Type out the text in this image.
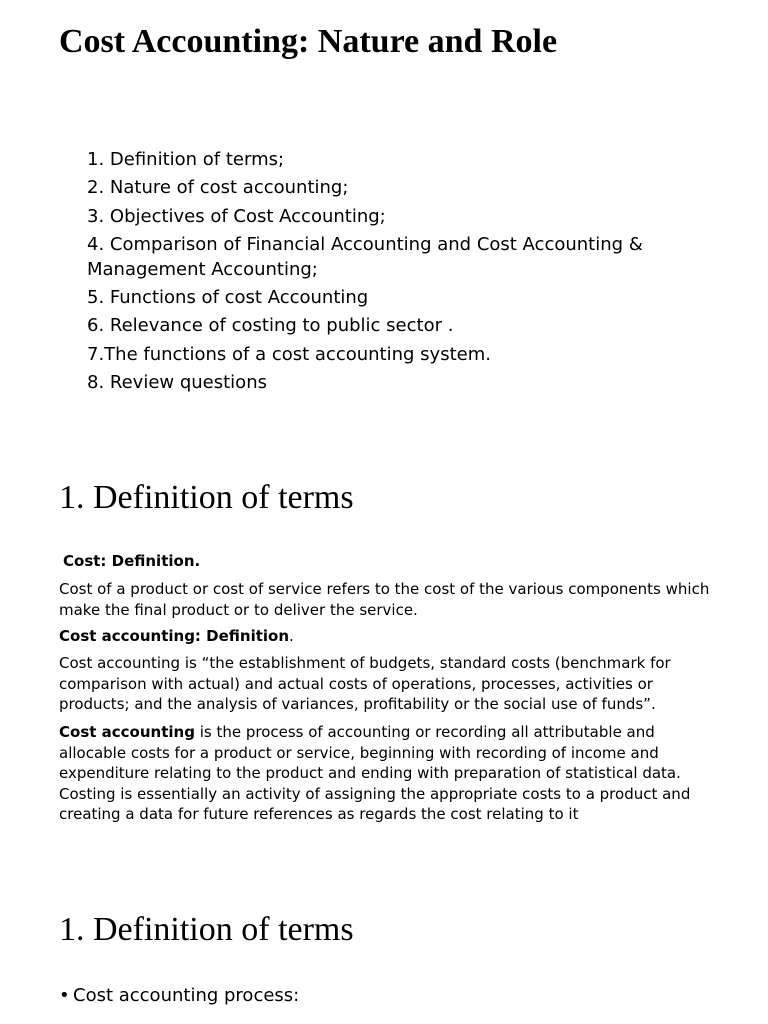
Cost Accounting: Nature and Role
1. Definition of terms;
2. Nature of cost accounting;
3. Objectives of Cost Accounting;
4. Comparison of Financial Accounting and Cost Accounting & Management Accounting;
5. Functions of cost Accounting
6. Relevance of costing to public sector .
7.The functions of a cost accounting system.
8. Review questions
1. Definition of terms

Cost: Definition.

Cost of a product or cost of service refers to the cost of the various components which make the final product or to deliver the service.

Cost accounting: Definition.

Cost accounting is “the establishment of budgets, standard costs (benchmark for comparison with actual) and actual costs of operations, processes, activities or products; and the analysis of variances, profitability or the social use of funds”.

Cost accounting is the process of accounting or recording all attributable and allocable costs for a product or service, beginning with recording of income and expenditure relating to the product and ending with preparation of statistical data. Costing is essentially an activity of assigning the appropriate costs to a product and creating a data for future references as regards the cost relating to it

1. Definition of terms

• Cost accounting process:
